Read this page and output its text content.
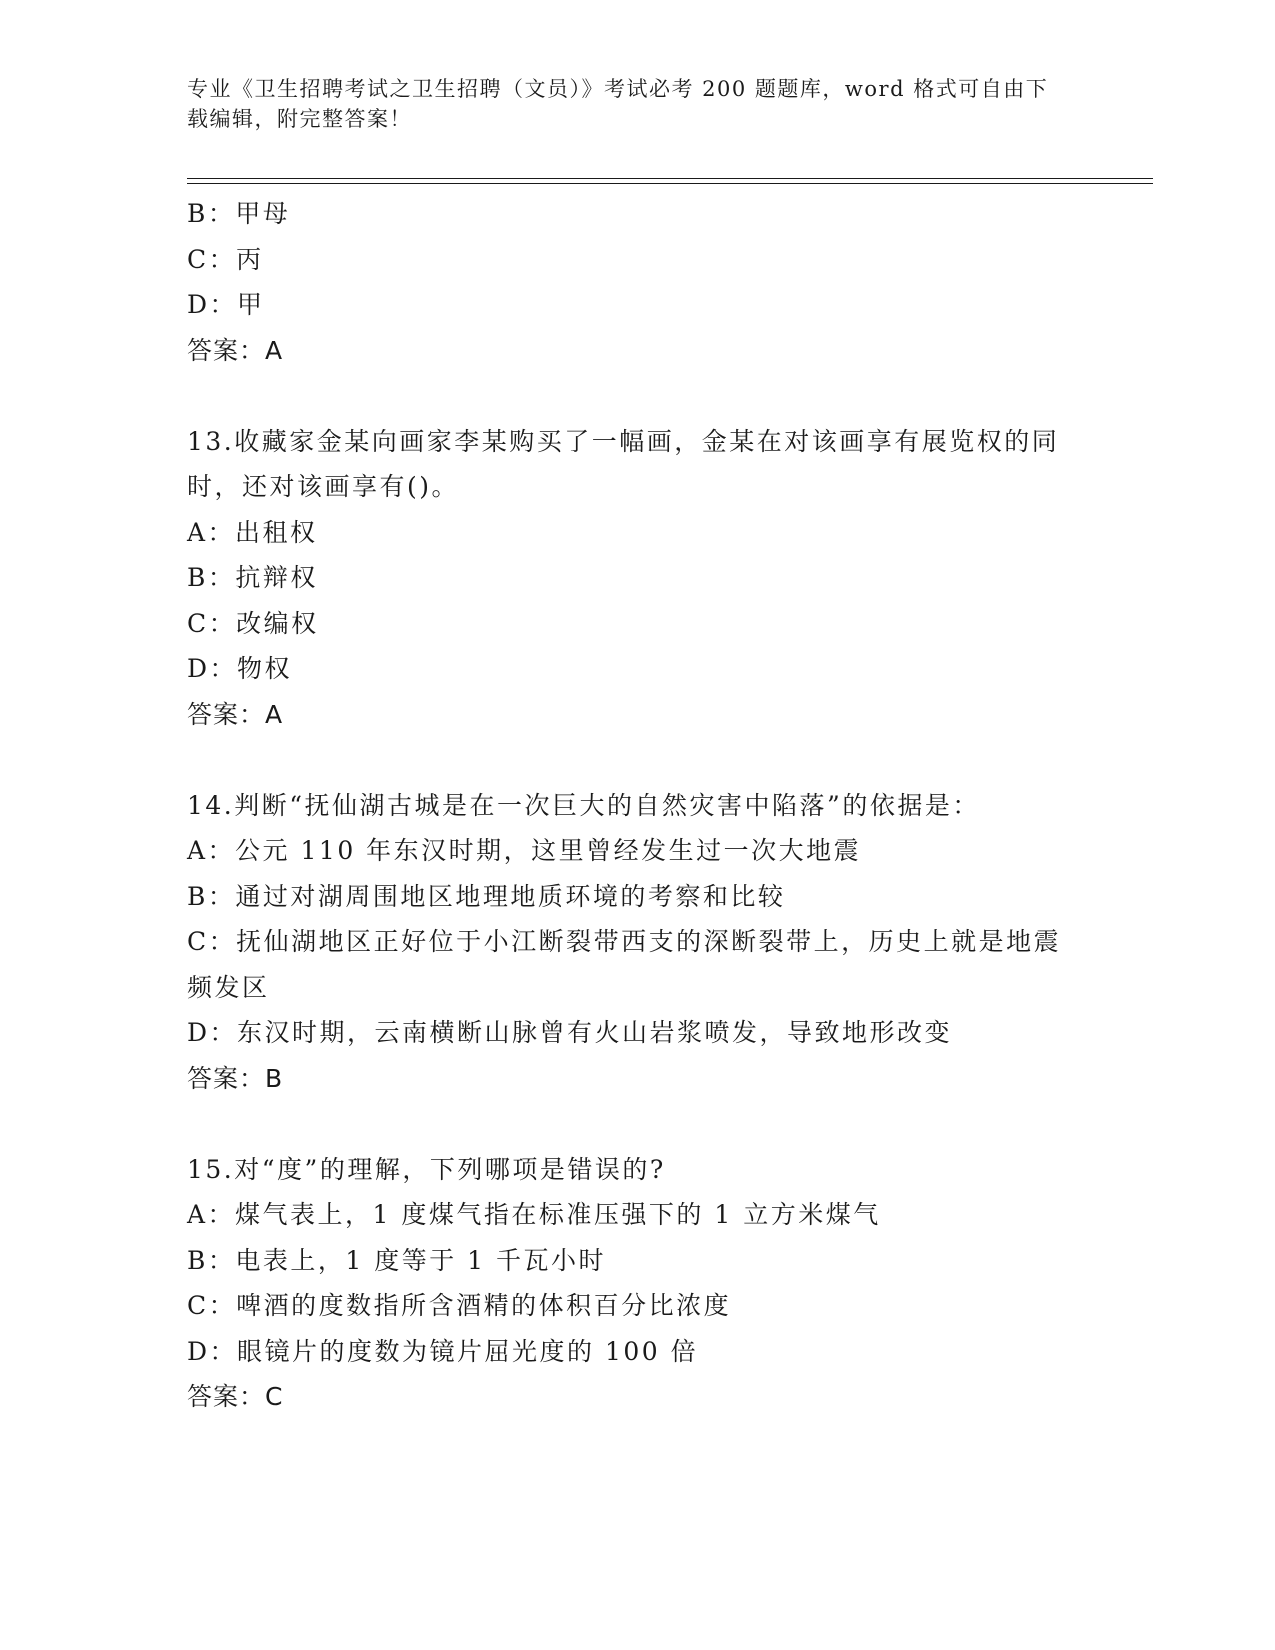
专业《卫生招聘考试之卫生招聘（文员）》考试必考 200 题题库，word 格式可自由下载编辑，附完整答案！
B：甲母
C：丙
D：甲
答案：A
13.收藏家金某向画家李某购买了一幅画，金某在对该画享有展览权的同时，还对该画享有()。
A：出租权
B：抗辩权
C：改编权
D：物权
答案：A
14.判断“抚仙湖古城是在一次巨大的自然灾害中陷落”的依据是：
A：公元 110 年东汉时期，这里曾经发生过一次大地震
B：通过对湖周围地区地理地质环境的考察和比较
C：抚仙湖地区正好位于小江断裂带西支的深断裂带上，历史上就是地震频发区
D：东汉时期，云南横断山脉曾有火山岩浆喷发，导致地形改变
答案：B
15.对“度”的理解，下列哪项是错误的?
A：煤气表上，1 度煤气指在标准压强下的 1 立方米煤气
B：电表上，1 度等于 1 千瓦小时
C：啤酒的度数指所含酒精的体积百分比浓度
D：眼镜片的度数为镜片屈光度的 100 倍
答案：C
